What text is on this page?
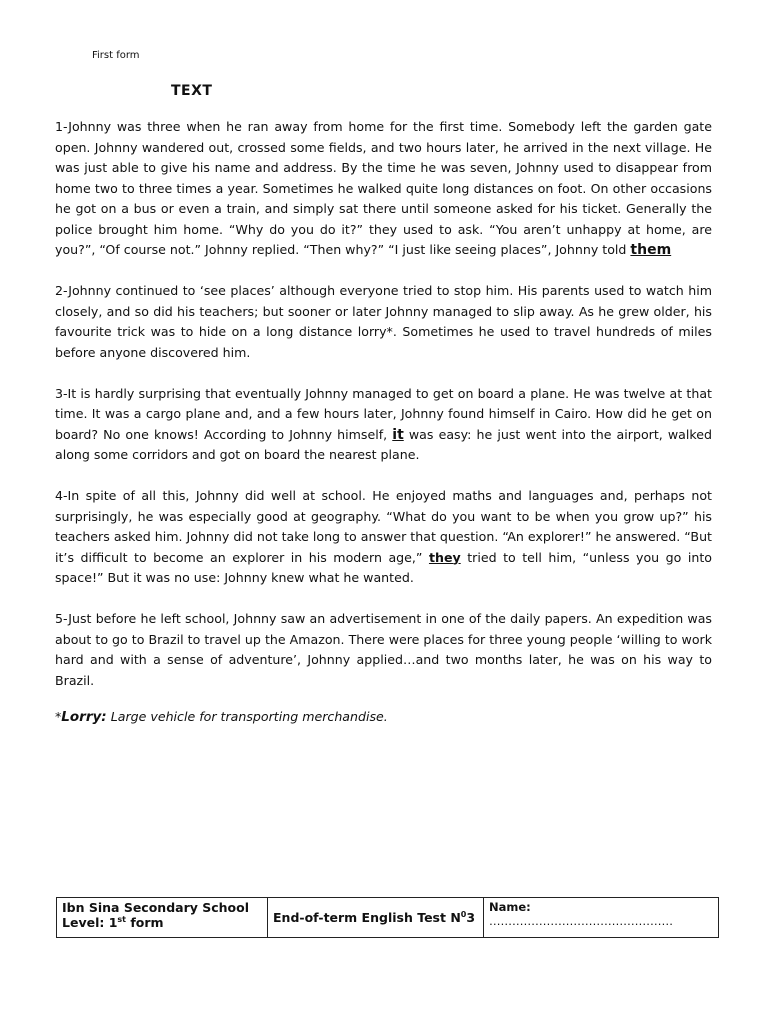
First form
TEXT

1-Johnny was three when he ran away from home for the first time. Somebody left the garden gate open. Johnny wandered out, crossed some fields, and two hours later, he arrived in the next village. He was just able to give his name and address. By the time he was seven, Johnny used to disappear from home two to three times a year. Sometimes he walked quite long distances on foot. On other occasions he got on a bus or even a train, and simply sat there until someone asked for his ticket. Generally the police brought him home. “Why do you do it?” they used to ask. “You aren’t unhappy at home, are you?”, “Of course not.” Johnny replied. “Then why?” “I just like seeing places”, Johnny told them

2-Johnny continued to ‘see places’ although everyone tried to stop him. His parents used to watch him closely, and so did his teachers; but sooner or later Johnny managed to slip away. As he grew older, his favourite trick was to hide on a long distance lorry*. Sometimes he used to travel hundreds of miles before anyone discovered him.

3-It is hardly surprising that eventually Johnny managed to get on board a plane. He was twelve at that time. It was a cargo plane and, and a few hours later, Johnny found himself in Cairo. How did he get on board? No one knows! According to Johnny himself, it was easy: he just went into the airport, walked along some corridors and got on board the nearest plane.

4-In spite of all this, Johnny did well at school. He enjoyed maths and languages and, perhaps not surprisingly, he was especially good at geography. “What do you want to be when you grow up?” his teachers asked him. Johnny did not take long to answer that question. “An explorer!” he answered. “But it’s difficult to become an explorer in his modern age,” they tried to tell him, “unless you go into space!” But it was no use: Johnny knew what he wanted.

5-Just before he left school, Johnny saw an advertisement in one of the daily papers. An expedition was about to go to Brazil to travel up the Amazon. There were places for three young people ‘willing to work hard and with a sense of adventure’, Johnny applied…and two months later, he was on his way to Brazil.

*Lorry: Large vehicle for transporting merchandise.
Ibn Sina Secondary School
Level: 1st form	End-of-term English Test $N^03$	Name: …………………………………………
